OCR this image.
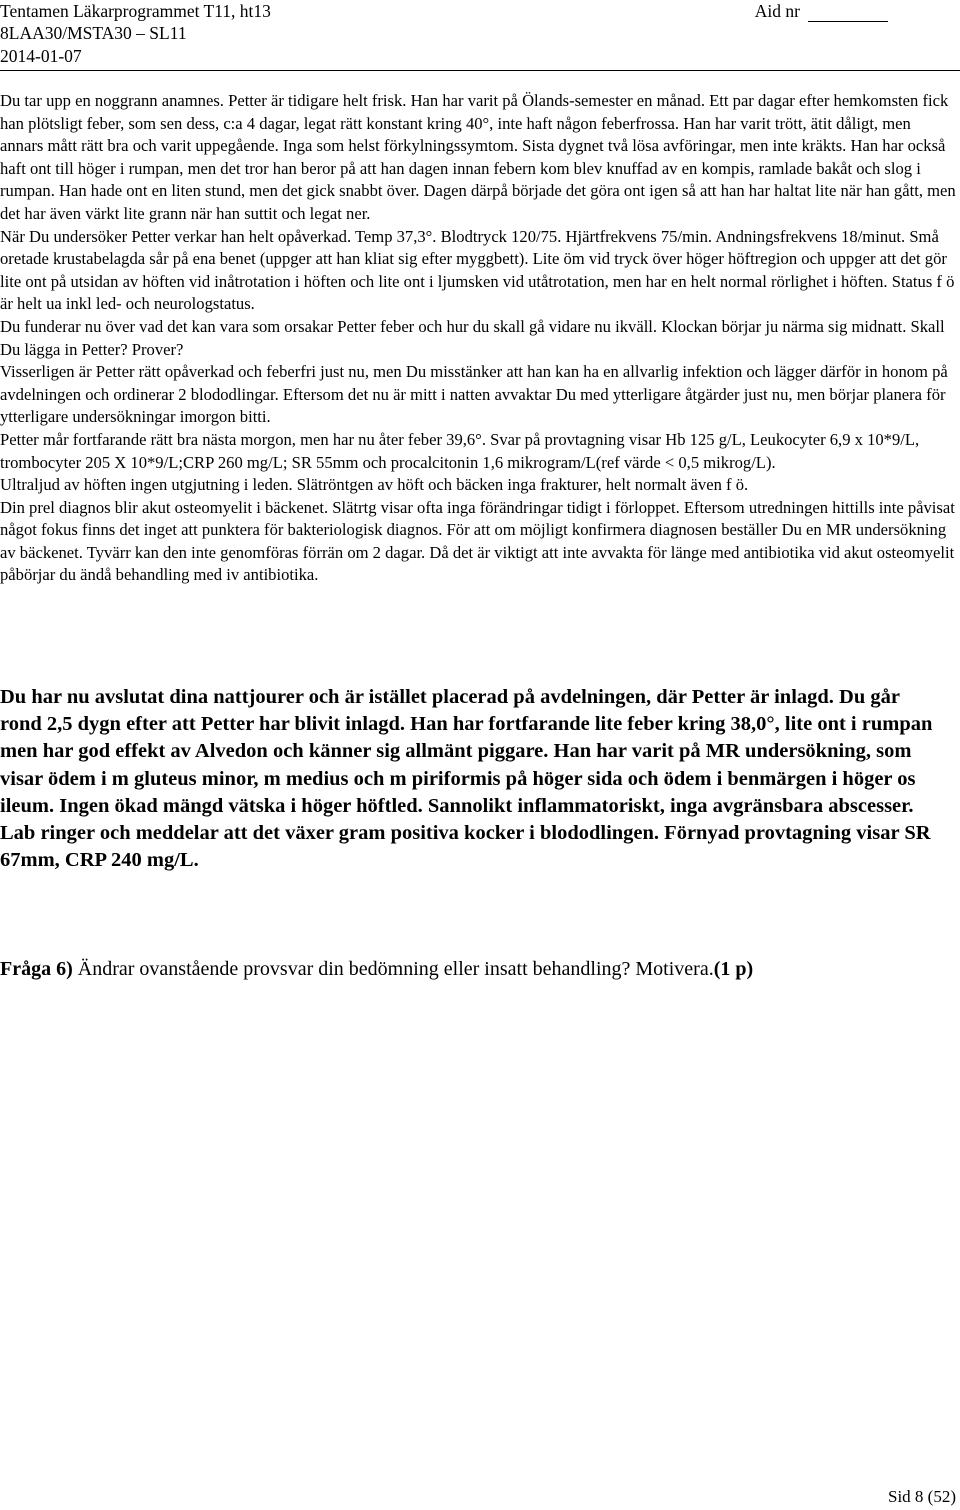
Tentamen Läkarprogrammet T11, ht13
8LAA30/MSTA30 – SL11
2014-01-07
Aid nr

Du tar upp en noggrann anamnes. Petter är tidigare helt frisk. Han har varit på Ölands-semester en månad. Ett par dagar efter hemkomsten fick han plötsligt feber, som sen dess, c:a 4 dagar, legat rätt konstant kring 40°, inte haft någon feberfrossa. Han har varit trött, ätit dåligt, men annars mått rätt bra och varit uppegående. Inga som helst förkylningssymtom. Sista dygnet två lösa avföringar, men inte kräkts. Han har också haft ont till höger i rumpan, men det tror han beror på att han dagen innan febern kom blev knuffad av en kompis, ramlade bakåt och slog i rumpan. Han hade ont en liten stund, men det gick snabbt över. Dagen därpå började det göra ont igen så att han har haltat lite när han gått, men det har även värkt lite grann när han suttit och legat ner.

När Du undersöker Petter verkar han helt opåverkad. Temp 37,3°. Blodtryck 120/75. Hjärtfrekvens 75/min. Andningsfrekvens 18/minut. Små oretade krustabelagda sår på ena benet (uppger att han kliat sig efter myggbett). Lite öm vid tryck över höger höftregion och uppger att det gör lite ont på utsidan av höften vid inåtrotation i höften och lite ont i ljumsken vid utåtrotation, men har en helt normal rörlighet i höften. Status f ö är helt ua inkl led- och neurologstatus.

Du funderar nu över vad det kan vara som orsakar Petter feber och hur du skall gå vidare nu ikväll. Klockan börjar ju närma sig midnatt. Skall Du lägga in Petter? Prover?

Visserligen är Petter rätt opåverkad och feberfri just nu, men Du misstänker att han kan ha en allvarlig infektion och lägger därför in honom på avdelningen och ordinerar 2 blododlingar. Eftersom det nu är mitt i natten avvaktar Du med ytterligare åtgärder just nu, men börjar planera för ytterligare undersökningar imorgon bitti.

Petter mår fortfarande rätt bra nästa morgon, men har nu åter feber 39,6°. Svar på provtagning visar Hb 125 g/L, Leukocyter 6,9 x 10*9/L, trombocyter 205 X 10*9/L;CRP 260 mg/L; SR 55mm och procalcitonin 1,6 mikrogram/L(ref värde < 0,5 mikrog/L).

Ultraljud av höften ingen utgjutning i leden. Slätröntgen av höft och bäcken inga frakturer, helt normalt även f ö.

Din prel diagnos blir akut osteomyelit i bäckenet. Slätrtg visar ofta inga förändringar tidigt i förloppet. Eftersom utredningen hittills inte påvisat något fokus finns det inget att punktera för bakteriologisk diagnos. För att om möjligt konfirmera diagnosen beställer Du en MR undersökning av bäckenet. Tyvärr kan den inte genomföras förrän om 2 dagar. Då det är viktigt att inte avvakta för länge med antibiotika vid akut osteomyelit påbörjar du ändå behandling med iv antibiotika.

Du har nu avslutat dina nattjourer och är istället placerad på avdelningen, där Petter är inlagd. Du går rond 2,5 dygn efter att Petter har blivit inlagd. Han har fortfarande lite feber kring 38,0°, lite ont i rumpan men har god effekt av Alvedon och känner sig allmänt piggare. Han har varit på MR undersökning, som visar ödem i m gluteus minor, m medius och m piriformis på höger sida och ödem i benmärgen i höger os ileum. Ingen ökad mängd vätska i höger höftled. Sannolikt inflammatoriskt, inga avgränsbara abscesser. Lab ringer och meddelar att det växer gram positiva kocker i blododlingen. Förnyad provtagning visar SR 67mm, CRP 240 mg/L.

Fråga 6) Ändrar ovanstående provsvar din bedömning eller insatt behandling? Motivera.(1 p)
Sid 8 (52)
